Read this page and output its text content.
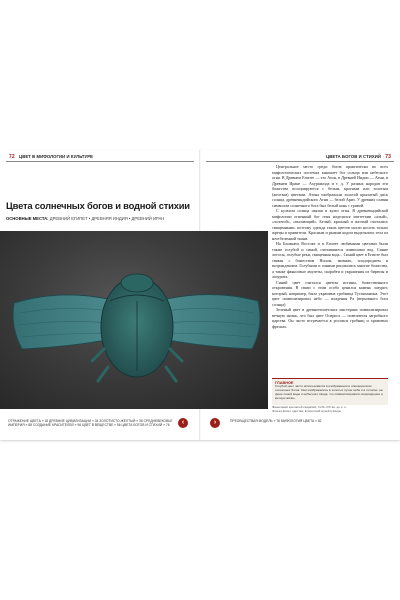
72 ЦВЕТ В МИФОЛОГИИ И КУЛЬТУРЕ	ЦВЕТА БОГОВ И СТИХИЙ 73
Цвета солнечных богов и водной стихии
ОСНОВНЫЕ МЕСТА: ДРЕВНИЙ ЕГИПЕТ • ДРЕВНЯЯ ИНДИЯ • ДРЕВНИЙ ИРАН

Центральное место среди богов практически во всех мифологических системах занимает бог солнца или небесного огня. В Древнем Египте — это Атон, в Древней Индии — Агни, в Древнем Иране — Ахурамазда и т. д. У разных народов эти божества ассоциируются с белым, красным или золотым (желтым) цветами. Атона изображали золотой крылатый диск солнца, древнеиндийского Агни — белой Ариэ. У древних славян символом солнечного бога был белый конь с гривой.

С культом солнца связан и культ огня. В древнеиндийской мифологии огненный бог огня наделялся эпитетами «алый», «золотой», «пылающий». Белый, красный и желтый считались священными, поэтому одежда таких цветов могли носить только жрецы и правители. Красным и рыжим кодом выделялись тела из неотбеленной ткани.

На Ближнем Востоке и в Египте любимыми цветами были также голубой и синий, считавшиеся символами вод. Синие лотосы, голубые реки, священная вода... Синий цвет в Египте был связан с божеством Нилом, жизнью, плодородием и возрождением. Голубыми и синими рисовались многие божества, а также фаянсовые амулеты, скарабеи и украшения из бирюзы и лазурита.

Синий цвет считался цветом истины, божественного откровения. В связи с этим особо ценился камень лазурит, который, например, была украшена гробница Тутанхамона. Этот цвет символизировал небо — владения Ра (верховного бога солнца).

Зеленый цвет в древнеегипетских мистериях символизировал вечную жизнь, что был цвет Осириса — повелителя загробного царства. Он часто встречается в росписи гробниц и храмовых фресках.

ГЛАВНОЕ
Голубой цвет часто использовался в изображении и описании всех солнечных богов. Они изображались в золотых лучах неба и в лотосах, на фоне синей воды и небесного свода, что символизировало возрождение и вечную жизнь.
Фаянсовый крылатый скарабей, XVIII–XIX вв. до н. э. Эпоха Нового царства, Египетский музей в Каире
ОТРАЖЕНИЕ ЦВЕТА » 18 ДРЕВНИЕ ЦИВИЛИЗАЦИИ » 34 ЗОЛОТИСТО-ЖЕЛТЫЙ » 36 СРЕДНЕВЕКОВЬЕ
ИМПЕРИЯ » 88 СОЗДАНИЕ КРАСИТЕЛЕЙ » 96 ЦВЕТ В ВЕЩЕСТВЕ » 56 ЦВЕТА БОГОВ И СТИХИЙ » 76	‹	›	ПРЕОБЩЕСТВАЯ МОДЕЛЬ » 76 МИФОЛОГИЯ ЦВЕТА » 82
